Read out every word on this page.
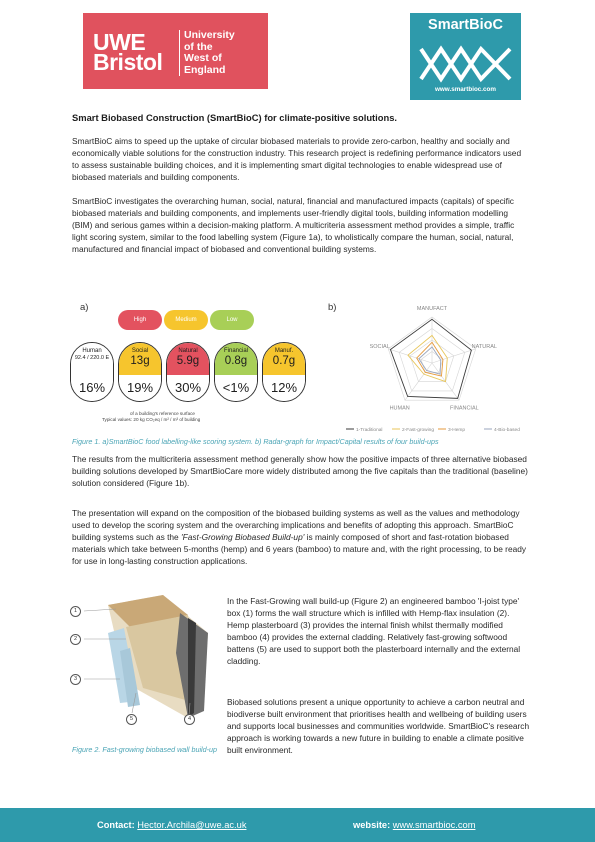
UWE
Bristol
University
of the
West of
England
SmartBioC
www.smartbioc.com
Smart Biobased Construction (SmartBioC) for climate-positive solutions.

SmartBioC aims to speed up the uptake of circular biobased materials to provide zero-carbon, healthy and socially and economically viable solutions for the construction industry. This research project is redefining performance indicators used to assess sustainable building choices, and it is implementing smart digital technologies to enable widespread use of biobased materials and building components.

SmartBioC investigates the overarching human, social, natural, financial and manufactured impacts (capitals) of specific biobased materials and building components, and implements user-friendly digital tools, building information modelling (BIM) and serious games within a decision-making platform. A multicriteria assessment method provides a simple, traffic light scoring system, similar to the food labelling system (Figure 1a), to wholistically compare the human, social, natural, manufactured and financial impact of biobased and conventional building systems.

a)	b)
High	Medium	Low
Human
92.4 / 220.0 E
16%
Social
13g
19%
Natural
5.9g
30%
Financial
0.8g
<1%
Manuf.
0.7g
12%
of a building's reference surface
Typical values: 20 kg CO₂eq / m² / m³ of building
MANUFACT
NATURAL
FINANCIAL
HUMAN
SOCIAL
1-Traditional	2-Fast-growing	3-Hemp	4-Bio-based
Figure 1. a)SmartBioC food labelling-like scoring system. b) Radar-graph for Impact/Capital results of four build-ups

The results from the multicriteria assessment method generally show how the positive impacts of three alternative biobased building solutions developed by SmartBioCare more widely distributed among the five capitals than the traditional (baseline) solution considered (Figure 1b).

The presentation will expand on the composition of the biobased building systems as well as the values and methodology used to develop the scoring system and the overarching implications and benefits of adopting this approach. SmartBioC building systems such as the 'Fast-Growing Biobased Build-up' is mainly composed of short and fast-rotation biobased materials which take between 5-months (hemp) and 6 years (bamboo) to mature and, with the right processing, to be ready for use in long-lasting construction applications.

1
2
3
5	4
Figure 2. Fast-growing biobased wall build-up

In the Fast-Growing wall build-up (Figure 2) an engineered bamboo 'I-joist type' box (1) forms the wall structure which is infilled with Hemp-flax insulation (2). Hemp plasterboard (3) provides the internal finish whilst thermally modified bamboo (4) provides the external cladding. Relatively fast-growing softwood battens (5) are used to support both the plasterboard internally and the external cladding.

Biobased solutions present a unique opportunity to achieve a carbon neutral and biodiverse built environment that prioritises health and wellbeing of building users and supports local businesses and communities worldwide. SmartBioC's research approach is working towards a new future in building to enable a climate positive built environment.

Contact: Hector.Archila@uwe.ac.uk	website: www.smartbioc.com
